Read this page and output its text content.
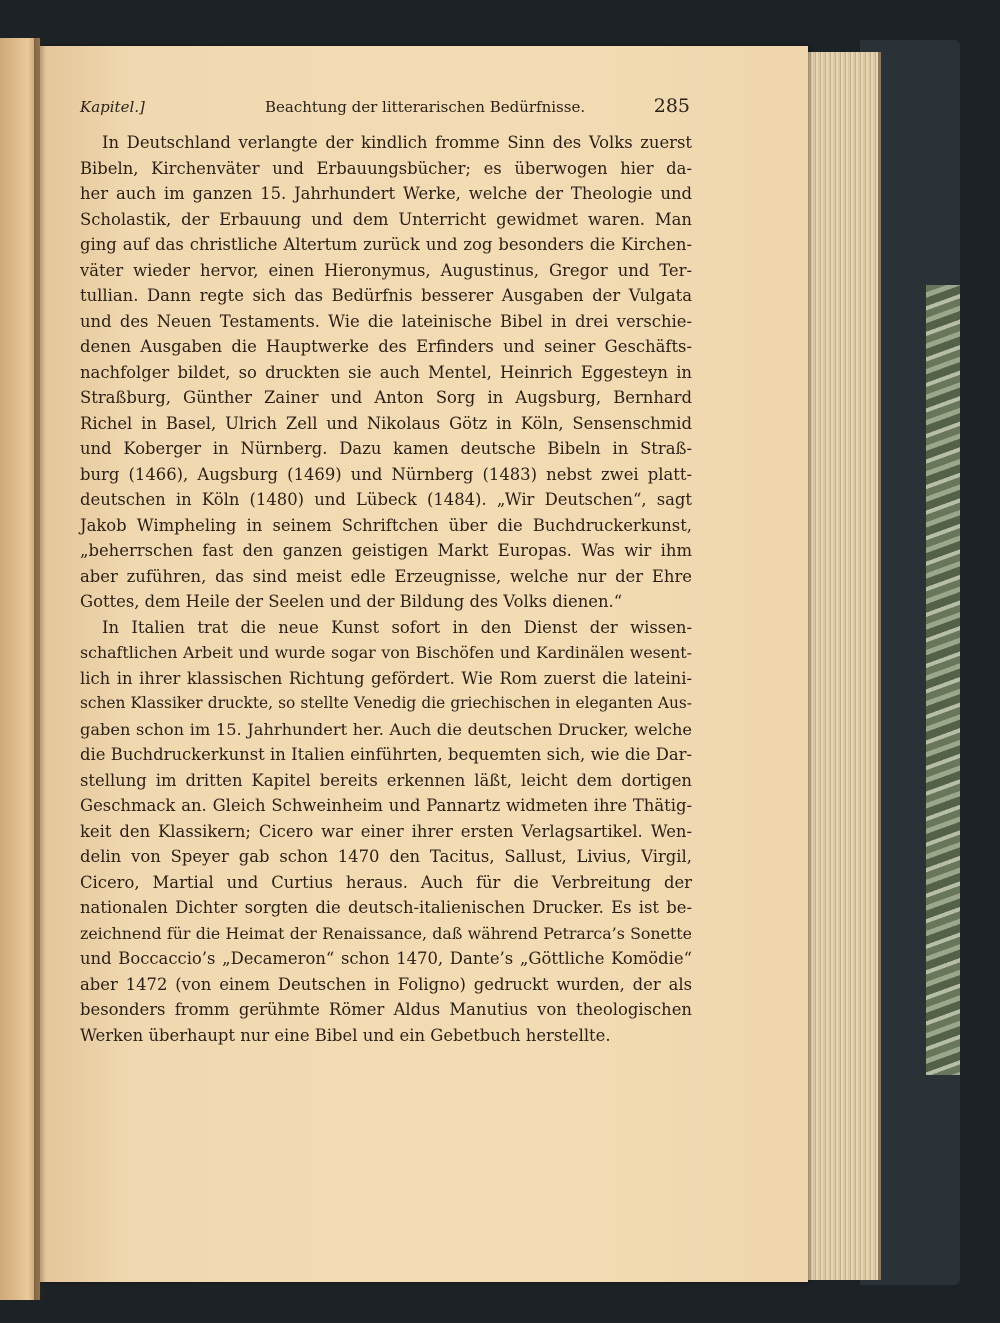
Kapitel.]	Beachtung der litterarischen Bedürfnisse.	285
In Deutschland verlangte der kindlich fromme Sinn des Volks zuerst
Bibeln, Kirchenväter und Erbauungsbücher; es überwogen hier da-
her auch im ganzen 15. Jahrhundert Werke, welche der Theologie und
Scholastik, der Erbauung und dem Unterricht gewidmet waren. Man
ging auf das christliche Altertum zurück und zog besonders die Kirchen-
väter wieder hervor, einen Hieronymus, Augustinus, Gregor und Ter-
tullian. Dann regte sich das Bedürfnis besserer Ausgaben der Vulgata
und des Neuen Testaments. Wie die lateinische Bibel in drei verschie-
denen Ausgaben die Hauptwerke des Erfinders und seiner Geschäfts-
nachfolger bildet, so druckten sie auch Mentel, Heinrich Eggesteyn in
Straßburg, Günther Zainer und Anton Sorg in Augsburg, Bernhard
Richel in Basel, Ulrich Zell und Nikolaus Götz in Köln, Sensenschmid
und Koberger in Nürnberg. Dazu kamen deutsche Bibeln in Straß-
burg (1466), Augsburg (1469) und Nürnberg (1483) nebst zwei platt-
deutschen in Köln (1480) und Lübeck (1484). „Wir Deutschen“, sagt
Jakob Wimpheling in seinem Schriftchen über die Buchdruckerkunst,
„beherrschen fast den ganzen geistigen Markt Europas. Was wir ihm
aber zuführen, das sind meist edle Erzeugnisse, welche nur der Ehre
Gottes, dem Heile der Seelen und der Bildung des Volks dienen.“
In Italien trat die neue Kunst sofort in den Dienst der wissen-
schaftlichen Arbeit und wurde sogar von Bischöfen und Kardinälen wesent-
lich in ihrer klassischen Richtung gefördert. Wie Rom zuerst die lateini-
schen Klassiker druckte, so stellte Venedig die griechischen in eleganten Aus-
gaben schon im 15. Jahrhundert her. Auch die deutschen Drucker, welche
die Buchdruckerkunst in Italien einführten, bequemten sich, wie die Dar-
stellung im dritten Kapitel bereits erkennen läßt, leicht dem dortigen
Geschmack an. Gleich Schweinheim und Pannartz widmeten ihre Thätig-
keit den Klassikern; Cicero war einer ihrer ersten Verlagsartikel. Wen-
delin von Speyer gab schon 1470 den Tacitus, Sallust, Livius, Virgil,
Cicero, Martial und Curtius heraus. Auch für die Verbreitung der
nationalen Dichter sorgten die deutsch-italienischen Drucker. Es ist be-
zeichnend für die Heimat der Renaissance, daß während Petrarca’s Sonette
und Boccaccio’s „Decameron“ schon 1470, Dante’s „Göttliche Komödie“
aber 1472 (von einem Deutschen in Foligno) gedruckt wurden, der als
besonders fromm gerühmte Römer Aldus Manutius von theologischen
Werken überhaupt nur eine Bibel und ein Gebetbuch herstellte.
